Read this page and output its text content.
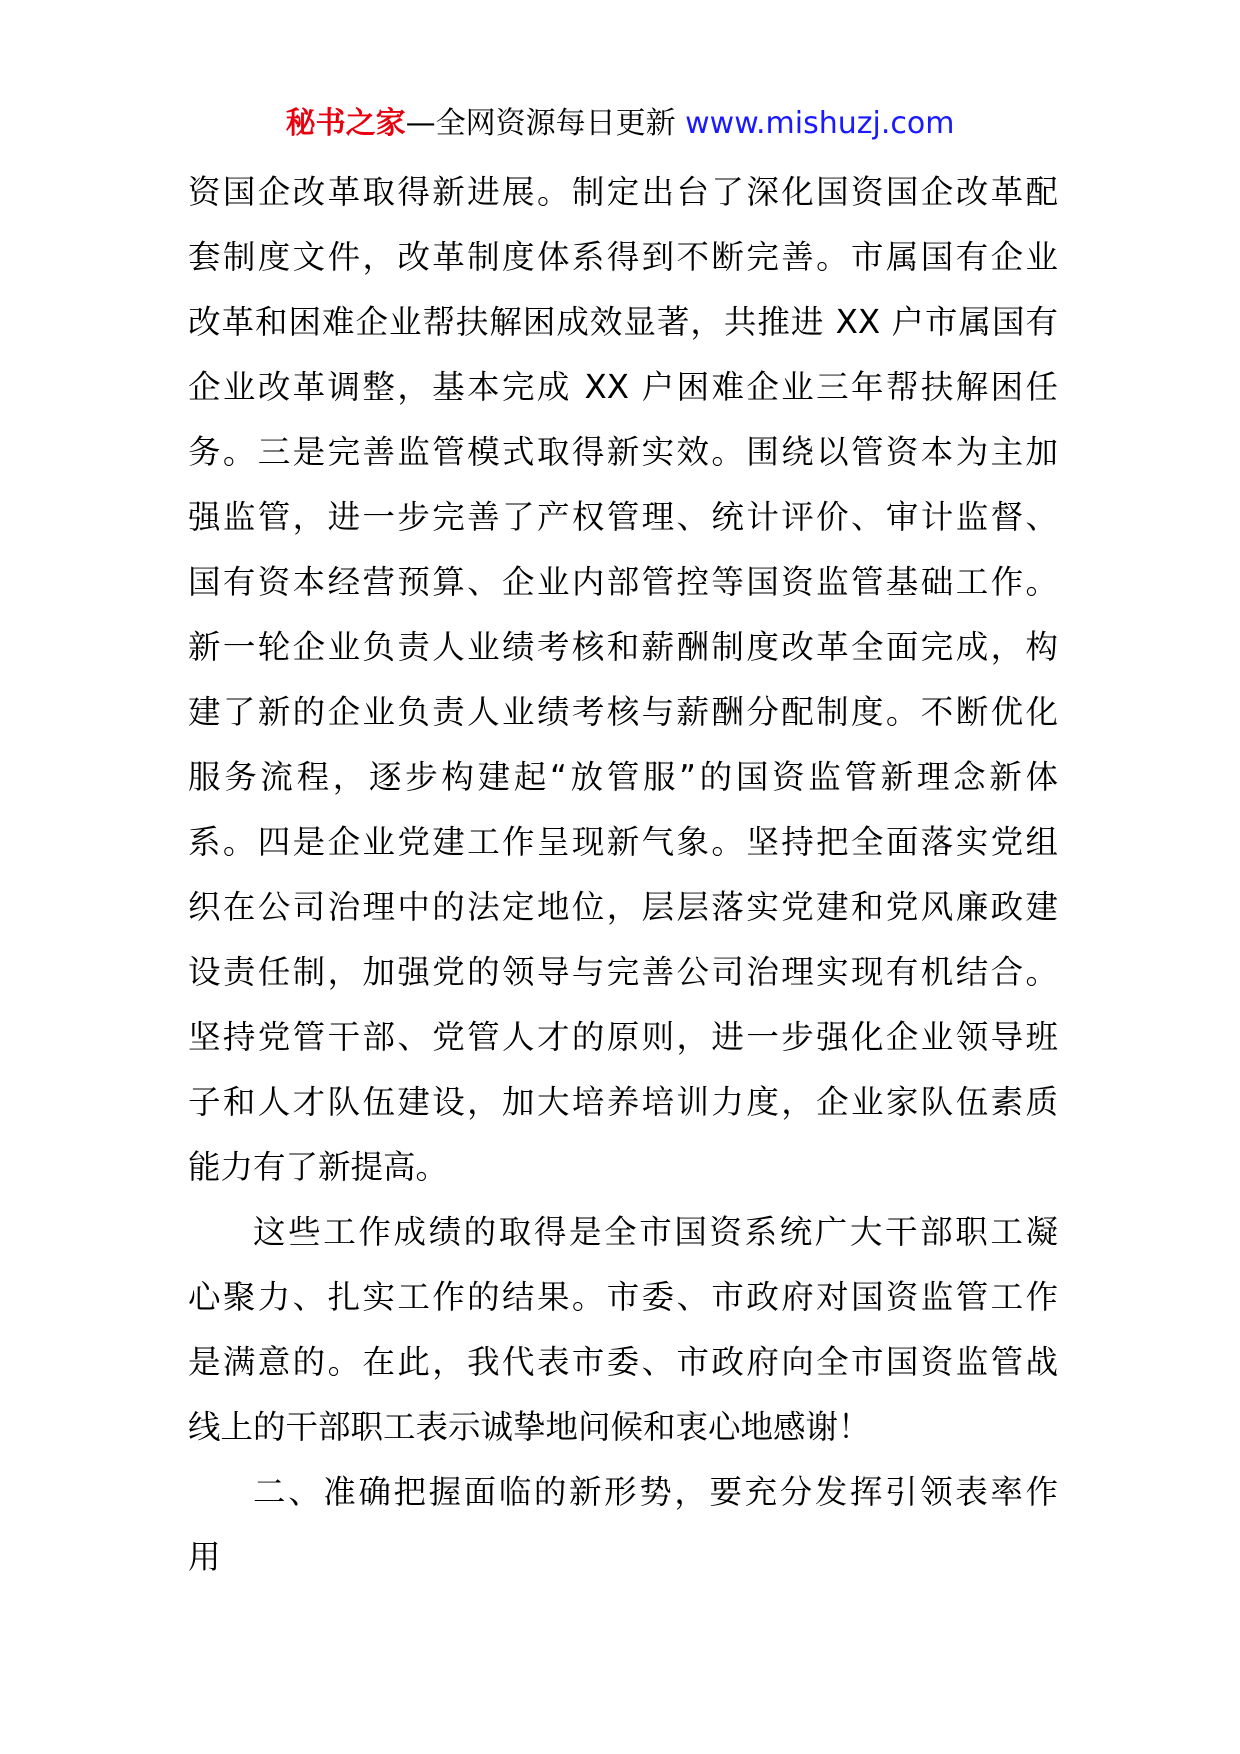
秘书之家—全网资源每日更新 www.mishuzj.com
资国企改革取得新进展。制定出台了深化国资国企改革配
套制度文件，改革制度体系得到不断完善。市属国有企业
改革和困难企业帮扶解困成效显著，共推进 XX 户市属国有
企业改革调整，基本完成 XX 户困难企业三年帮扶解困任
务。三是完善监管模式取得新实效。围绕以管资本为主加
强监管，进一步完善了产权管理、统计评价、审计监督、
国有资本经营预算、企业内部管控等国资监管基础工作。
新一轮企业负责人业绩考核和薪酬制度改革全面完成，构
建了新的企业负责人业绩考核与薪酬分配制度。不断优化
服务流程，逐步构建起“放管服”的国资监管新理念新体
系。四是企业党建工作呈现新气象。坚持把全面落实党组
织在公司治理中的法定地位，层层落实党建和党风廉政建
设责任制，加强党的领导与完善公司治理实现有机结合。
坚持党管干部、党管人才的原则，进一步强化企业领导班
子和人才队伍建设，加大培养培训力度，企业家队伍素质
能力有了新提高。
这些工作成绩的取得是全市国资系统广大干部职工凝
心聚力、扎实工作的结果。市委、市政府对国资监管工作
是满意的。在此，我代表市委、市政府向全市国资监管战
线上的干部职工表示诚挚地问候和衷心地感谢！
二、准确把握面临的新形势，要充分发挥引领表率作
用
